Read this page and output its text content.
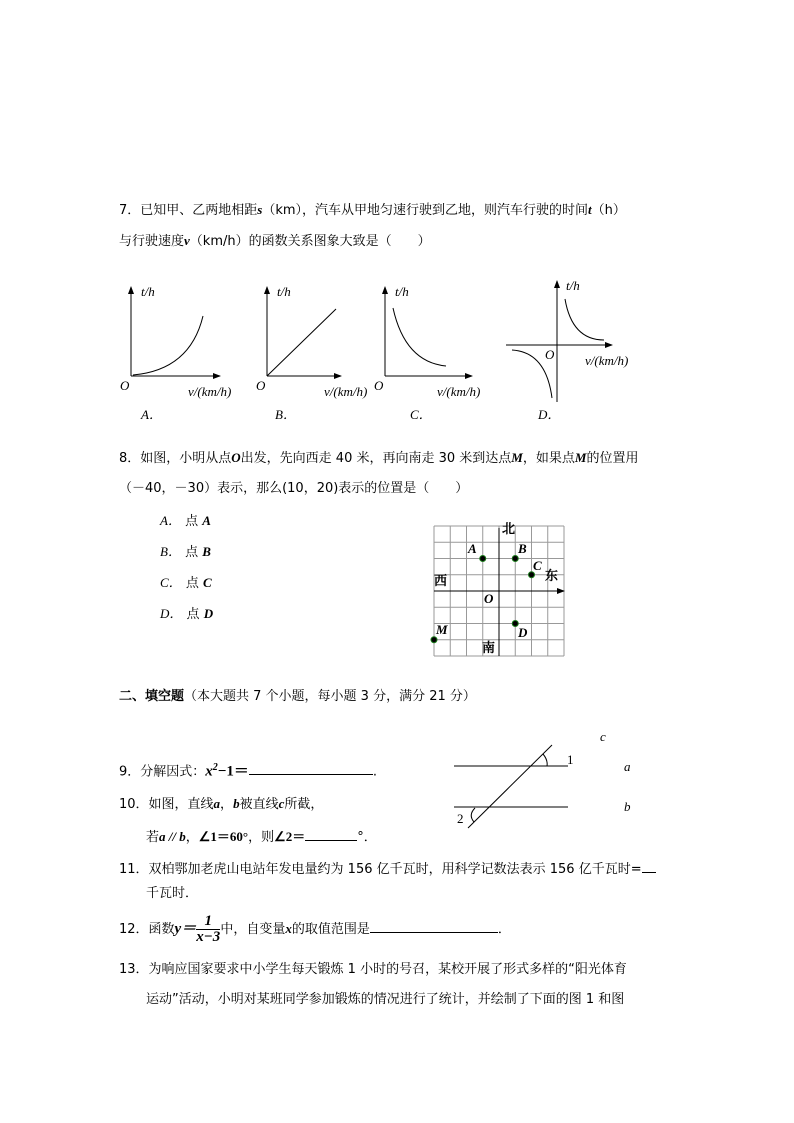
7．已知甲、乙两地相距s（km），汽车从甲地匀速行驶到乙地，则汽车行驶的时间t（h）
与行驶速度v（km/h）的函数关系图象大致是（　　）
t/h
O	v/(km/h)
A．
t/h
O	v/(km/h)
B．
t/h
O	v/(km/h)
C．
t/h
O v/(km/h)
D．
8．如图，小明从点O出发，先向西走 40 米，再向南走 30 米到达点M，如果点M的位置用
（－40，－30）表示，那么(10，20)表示的位置是（　　）
A． 点 A
B． 点 B
C． 点 C
D． 点 D
北
南
东
西
O
A	B
C
D
M
二、填空题（本大题共 7 个小题，每小题 3 分，满分 21 分）
9．分解因式：$x^2-1=$	.
c
1	a
b
2
10．如图，直线a，b被直线c所截，
若a // b，∠1＝60°，则∠2＝	°．
11．双柏鄂加老虎山电站年发电量约为 156 亿千瓦时，用科学记数法表示 156 亿千瓦时=
千瓦时．
12．函数$y= \frac{1}{x-3}$ 中，自变量x的取值范围是	．
13．为响应国家要求中小学生每天锻炼 1 小时的号召，某校开展了形式多样的“阳光体育
运动”活动，小明对某班同学参加锻炼的情况进行了统计，并绘制了下面的图 1 和图
